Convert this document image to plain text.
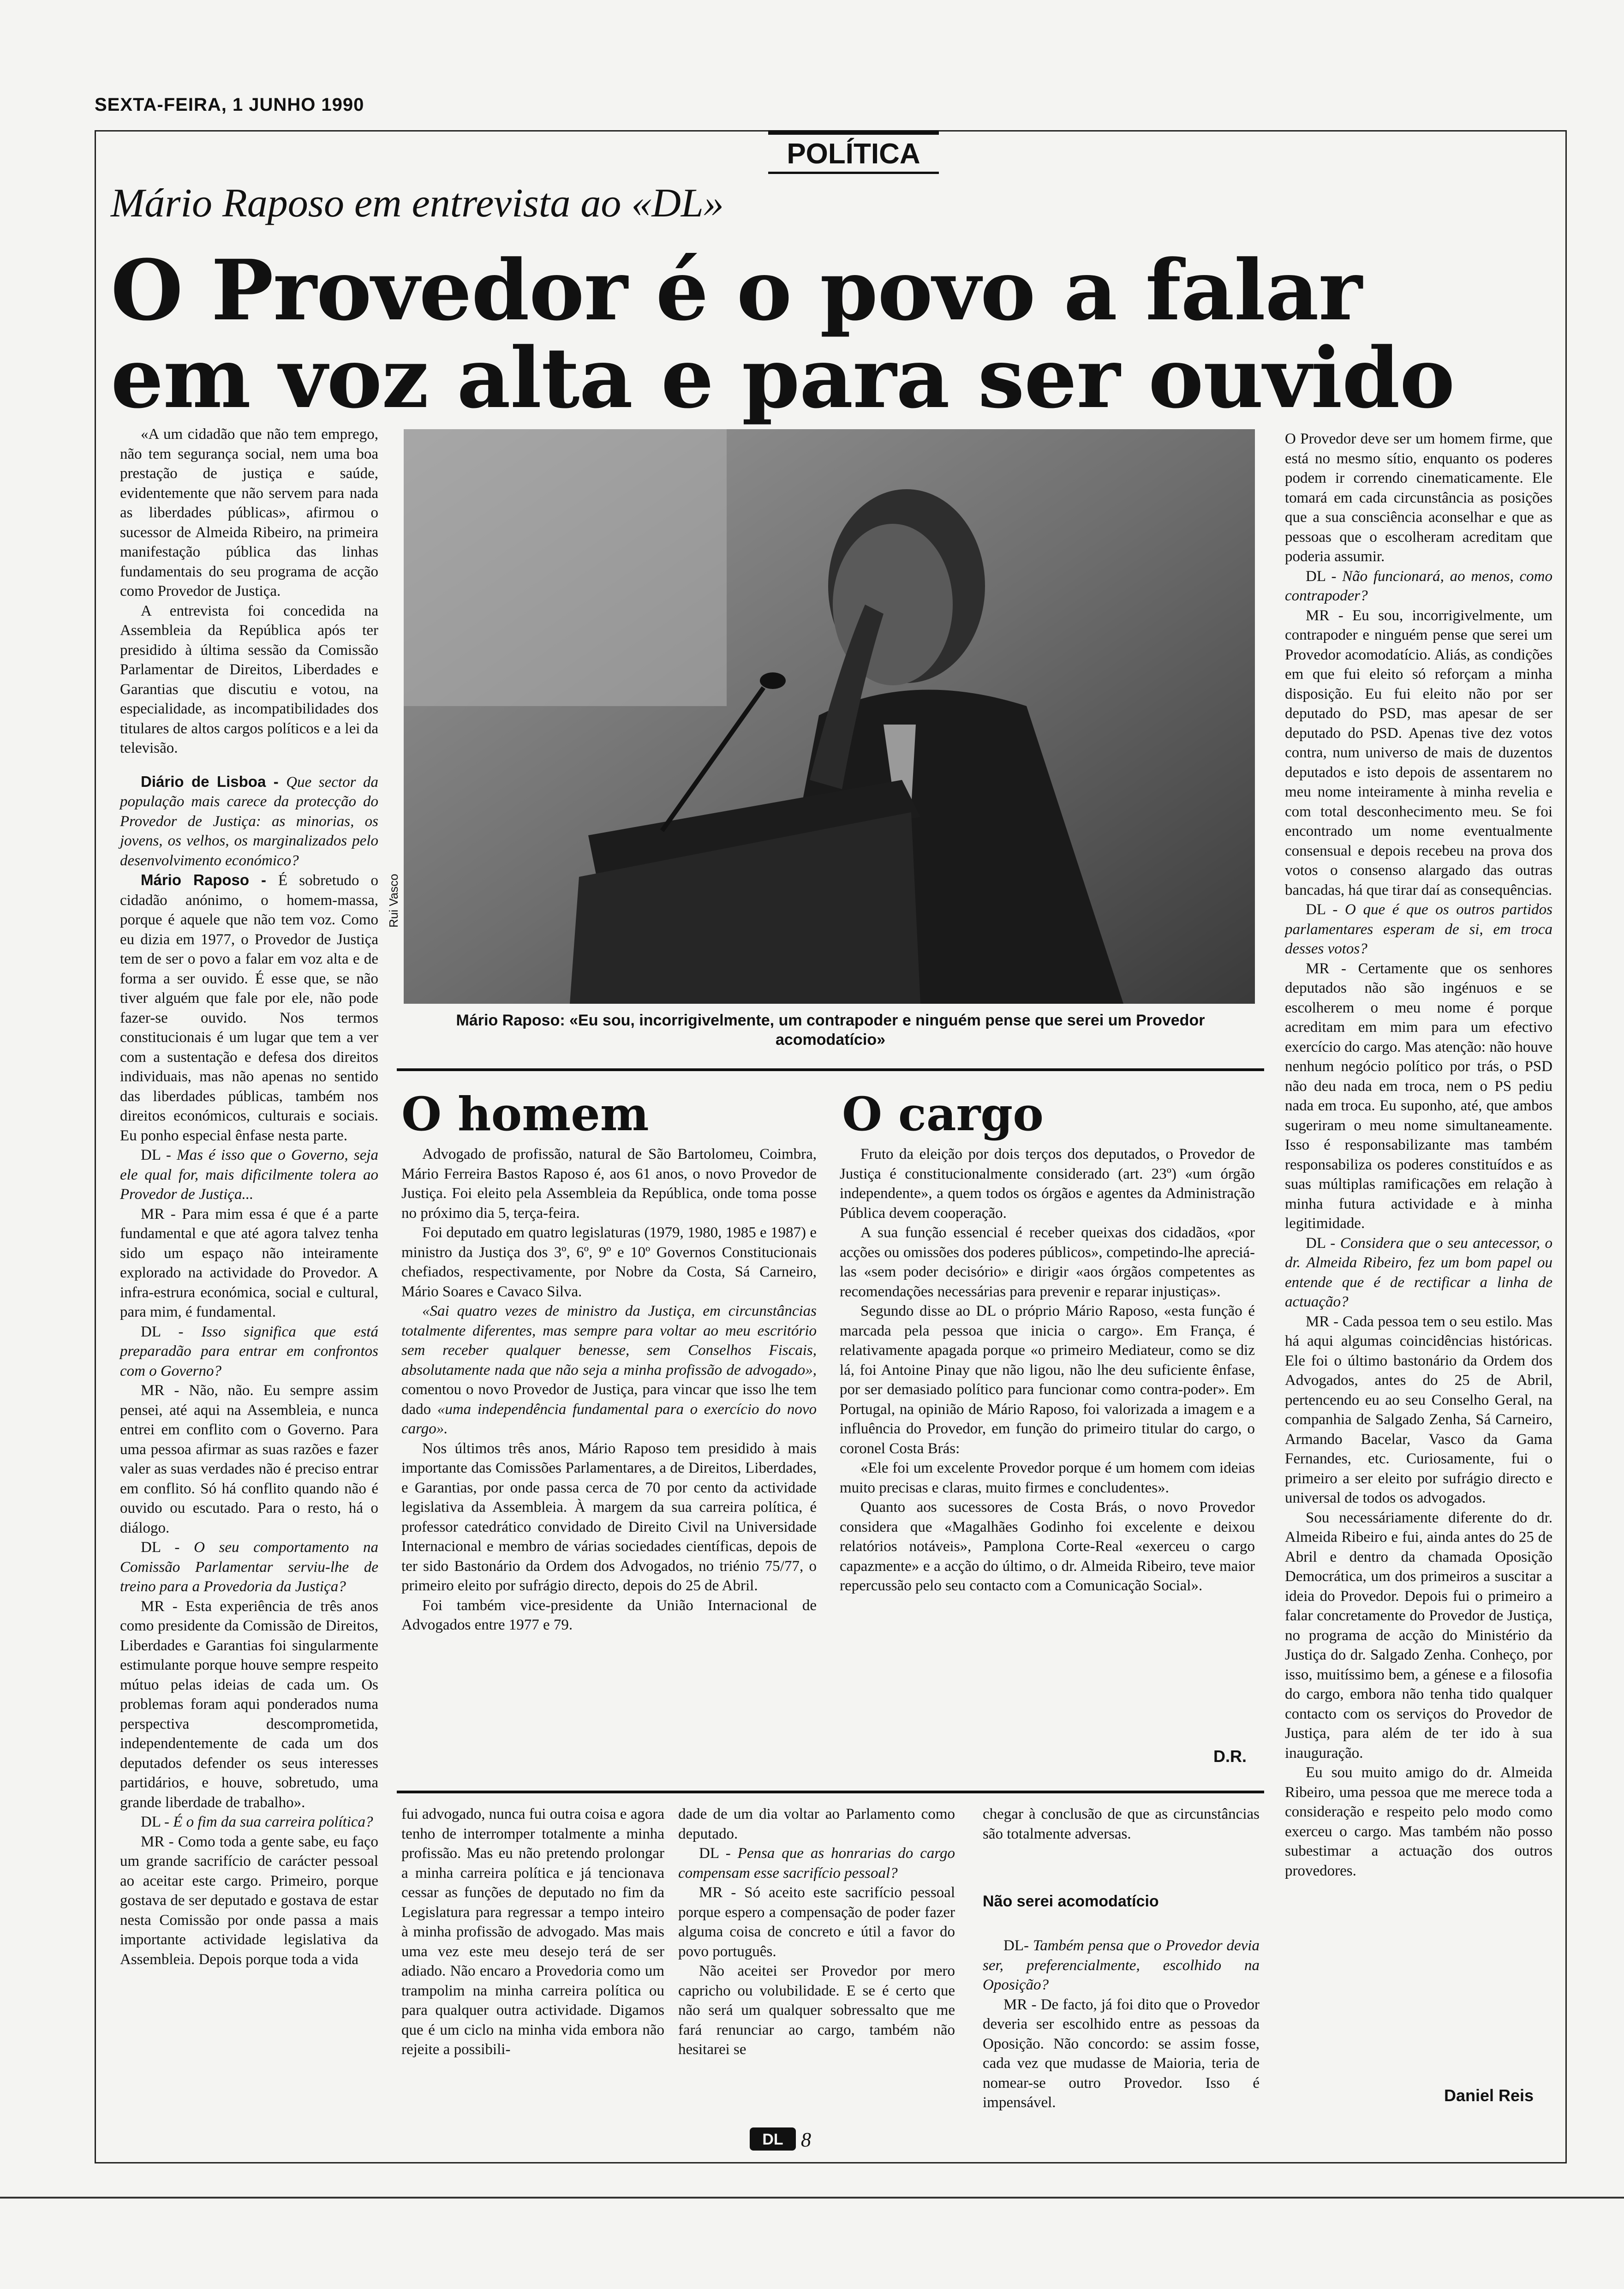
SEXTA-FEIRA, 1 JUNHO 1990
POLÍTICA
Mário Raposo em entrevista ao «DL»
O Provedor é o povo a falar
em voz alta e para ser ouvido

«A um cidadão que não tem emprego, não tem segurança social, nem uma boa prestação de justiça e saúde, evidentemente que não servem para nada as liberdades públicas», afirmou o sucessor de Almeida Ribeiro, na primeira manifestação pública das linhas fundamentais do seu programa de acção como Provedor de Justiça.

A entrevista foi concedida na Assembleia da República após ter presidido à última sessão da Comissão Parlamentar de Direitos, Liberdades e Garantias que discutiu e votou, na especialidade, as incompatibilidades dos titulares de altos cargos políticos e a lei da televisão.

Diário de Lisboa - Que sector da população mais carece da protecção do Provedor de Justiça: as minorias, os jovens, os velhos, os marginalizados pelo desenvolvimento económico?

Mário Raposo - É sobretudo o cidadão anónimo, o homem-massa, porque é aquele que não tem voz. Como eu dizia em 1977, o Provedor de Justiça tem de ser o povo a falar em voz alta e de forma a ser ouvido. É esse que, se não tiver alguém que fale por ele, não pode fazer-se ouvido. Nos termos constitucionais é um lugar que tem a ver com a sustentação e defesa dos direitos individuais, mas não apenas no sentido das liberdades públicas, também nos direitos económicos, culturais e sociais. Eu ponho especial ênfase nesta parte.

DL - Mas é isso que o Governo, seja ele qual for, mais dificilmente tolera ao Provedor de Justiça...

MR - Para mim essa é que é a parte fundamental e que até agora talvez tenha sido um espaço não inteiramente explorado na actividade do Provedor. A infra-estrura económica, social e cultural, para mim, é fundamental.

DL - Isso significa que está preparadão para entrar em confrontos com o Governo?

MR - Não, não. Eu sempre assim pensei, até aqui na Assembleia, e nunca entrei em conflito com o Governo. Para uma pessoa afirmar as suas razões e fazer valer as suas verdades não é preciso entrar em conflito. Só há conflito quando não é ouvido ou escutado. Para o resto, há o diálogo.

DL - O seu comportamento na Comissão Parlamentar serviu-lhe de treino para a Provedoria da Justiça?

MR - Esta experiência de três anos como presidente da Comissão de Direitos, Liberdades e Garantias foi singularmente estimulante porque houve sempre respeito mútuo pelas ideias de cada um. Os problemas foram aqui ponderados numa perspectiva descomprometida, independentemente de cada um dos deputados defender os seus interesses partidários, e houve, sobretudo, uma grande liberdade de trabalho».

DL - É o fim da sua carreira política?

MR - Como toda a gente sabe, eu faço um grande sacrifício de carácter pessoal ao aceitar este cargo. Primeiro, porque gostava de ser deputado e gostava de estar nesta Comissão por onde passa a mais importante actividade legislativa da Assembleia. Depois porque toda a vida

Rui Vasco
Mário Raposo: «Eu sou, incorrigivelmente, um contrapoder e ninguém pense que serei um Provedor acomodatício»

O Provedor deve ser um homem firme, que está no mesmo sítio, enquanto os poderes podem ir correndo cinematicamente. Ele tomará em cada circunstância as posições que a sua consciência aconselhar e que as pessoas que o escolheram acreditam que poderia assumir.

DL - Não funcionará, ao menos, como contrapoder?

MR - Eu sou, incorrigivelmente, um contrapoder e ninguém pense que serei um Provedor acomodatício. Aliás, as condições em que fui eleito só reforçam a minha disposição. Eu fui eleito não por ser deputado do PSD, mas apesar de ser deputado do PSD. Apenas tive dez votos contra, num universo de mais de duzentos deputados e isto depois de assentarem no meu nome inteiramente à minha revelia e com total desconhecimento meu. Se foi encontrado um nome eventualmente consensual e depois recebeu na prova dos votos o consenso alargado das outras bancadas, há que tirar daí as consequências.

DL - O que é que os outros partidos parlamentares esperam de si, em troca desses votos?

MR - Certamente que os senhores deputados não são ingénuos e se escolherem o meu nome é porque acreditam em mim para um efectivo exercício do cargo. Mas atenção: não houve nenhum negócio político por trás, o PSD não deu nada em troca, nem o PS pediu nada em troca. Eu suponho, até, que ambos sugeriram o meu nome simultaneamente. Isso é responsabilizante mas também responsabiliza os poderes constituídos e as suas múltiplas ramificações em relação à minha futura actividade e à minha legitimidade.

DL - Considera que o seu antecessor, o dr. Almeida Ribeiro, fez um bom papel ou entende que é de rectificar a linha de actuação?

MR - Cada pessoa tem o seu estilo. Mas há aqui algumas coincidências históricas. Ele foi o último bastonário da Ordem dos Advogados, antes do 25 de Abril, pertencendo eu ao seu Conselho Geral, na companhia de Salgado Zenha, Sá Carneiro, Armando Bacelar, Vasco da Gama Fernandes, etc. Curiosamente, fui o primeiro a ser eleito por sufrágio directo e universal de todos os advogados.

Sou necessáriamente diferente do dr. Almeida Ribeiro e fui, ainda antes do 25 de Abril e dentro da chamada Oposição Democrática, um dos primeiros a suscitar a ideia do Provedor. Depois fui o primeiro a falar concretamente do Provedor de Justiça, no programa de acção do Ministério da Justiça do dr. Salgado Zenha. Conheço, por isso, muitíssimo bem, a génese e a filosofia do cargo, embora não tenha tido qualquer contacto com os serviços do Provedor de Justiça, para além de ter ido à sua inauguração.

Eu sou muito amigo do dr. Almeida Ribeiro, uma pessoa que me merece toda a consideração e respeito pelo modo como exerceu o cargo. Mas também não posso subestimar a actuação dos outros provedores.

O homem

Advogado de profissão, natural de São Bartolomeu, Coimbra, Mário Ferreira Bastos Raposo é, aos 61 anos, o novo Provedor de Justiça. Foi eleito pela Assembleia da República, onde toma posse no próximo dia 5, terça-feira.

Foi deputado em quatro legislaturas (1979, 1980, 1985 e 1987) e ministro da Justiça dos 3º, 6º, 9º e 10º Governos Constitucionais chefiados, respectivamente, por Nobre da Costa, Sá Carneiro, Mário Soares e Cavaco Silva.

«Sai quatro vezes de ministro da Justiça, em circunstâncias totalmente diferentes, mas sempre para voltar ao meu escritório sem receber qualquer benesse, sem Conselhos Fiscais, absolutamente nada que não seja a minha profissão de advogado», comentou o novo Provedor de Justiça, para vincar que isso lhe tem dado «uma independência fundamental para o exercício do novo cargo».

Nos últimos três anos, Mário Raposo tem presidido à mais importante das Comissões Parlamentares, a de Direitos, Liberdades, e Garantias, por onde passa cerca de 70 por cento da actividade legislativa da Assembleia. À margem da sua carreira política, é professor catedrático convidado de Direito Civil na Universidade Internacional e membro de várias sociedades científicas, depois de ter sido Bastonário da Ordem dos Advogados, no triénio 75/77, o primeiro eleito por sufrágio directo, depois do 25 de Abril.

Foi também vice-presidente da União Internacional de Advogados entre 1977 e 79.

O cargo

Fruto da eleição por dois terços dos deputados, o Provedor de Justiça é constitucionalmente considerado (art. 23º) «um órgão independente», a quem todos os órgãos e agentes da Administração Pública devem cooperação.

A sua função essencial é receber queixas dos cidadãos, «por acções ou omissões dos poderes públicos», competindo-lhe apreciá-las «sem poder decisório» e dirigir «aos órgãos competentes as recomendações necessárias para prevenir e reparar injustiças».

Segundo disse ao DL o próprio Mário Raposo, «esta função é marcada pela pessoa que inicia o cargo». Em França, é relativamente apagada porque «o primeiro Mediateur, como se diz lá, foi Antoine Pinay que não ligou, não lhe deu suficiente ênfase, por ser demasiado político para funcionar como contra-poder». Em Portugal, na opinião de Mário Raposo, foi valorizada a imagem e a influência do Provedor, em função do primeiro titular do cargo, o coronel Costa Brás:

«Ele foi um excelente Provedor porque é um homem com ideias muito precisas e claras, muito firmes e concludentes».

Quanto aos sucessores de Costa Brás, o novo Provedor considera que «Magalhães Godinho foi excelente e deixou relatórios notáveis», Pamplona Corte-Real «exerceu o cargo capazmente» e a acção do último, o dr. Almeida Ribeiro, teve maior repercussão pelo seu contacto com a Comunicação Social».

D.R.

fui advogado, nunca fui outra coisa e agora tenho de interromper totalmente a minha profissão. Mas eu não pretendo prolongar a minha carreira política e já tencionava cessar as funções de deputado no fim da Legislatura para regressar a tempo inteiro à minha profissão de advogado. Mas mais uma vez este meu desejo terá de ser adiado. Não encaro a Provedoria como um trampolim na minha carreira política ou para qualquer outra actividade. Digamos que é um ciclo na minha vida embora não rejeite a possibili-

dade de um dia voltar ao Parlamento como deputado.

DL - Pensa que as honrarias do cargo compensam esse sacrifício pessoal?

MR - Só aceito este sacrifício pessoal porque espero a compensação de poder fazer alguma coisa de concreto e útil a favor do povo português.

Não aceitei ser Provedor por mero capricho ou volubilidade. E se é certo que não será um qualquer sobressalto que me fará renunciar ao cargo, também não hesitarei se

chegar à conclusão de que as circunstâncias são totalmente adversas.

Não serei acomodatício

DL- Também pensa que o Provedor devia ser, preferencialmente, escolhido na Oposição?

MR - De facto, já foi dito que o Provedor deveria ser escolhido entre as pessoas da Oposição. Não concordo: se assim fosse, cada vez que mudasse de Maioria, teria de nomear-se outro Provedor. Isso é impensável.	Daniel Reis
DL 8
